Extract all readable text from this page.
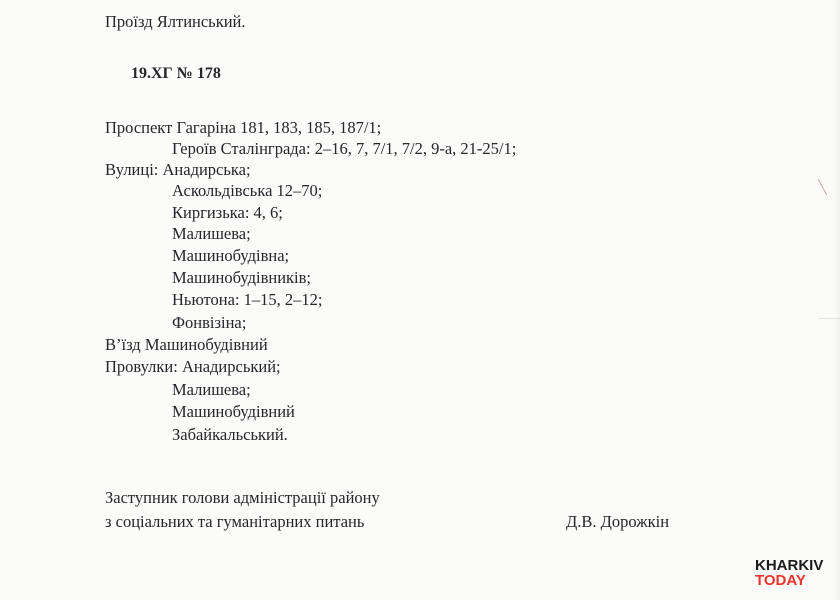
Проїзд Ялтинський.
19.ХГ № 178
Проспект Гагаріна 181, 183, 185, 187/1;
Героїв Сталінграда: 2–16, 7, 7/1, 7/2, 9-а, 21-25/1;
Вулиці: Анадирська;
Аскольдівська 12–70;
Киргизька: 4, 6;
Малишева;
Машинобудівна;
Машинобудівників;
Ньютона: 1–15, 2–12;
Фонвізіна;
В’їзд Машинобудівний
Провулки: Анадирський;
Малишева;
Машинобудівний
Забайкальський.
Заступник голови адміністрації району
з соціальних та гуманітарних питань	Д.В. Дорожкін
KHARKIV
TODAY
